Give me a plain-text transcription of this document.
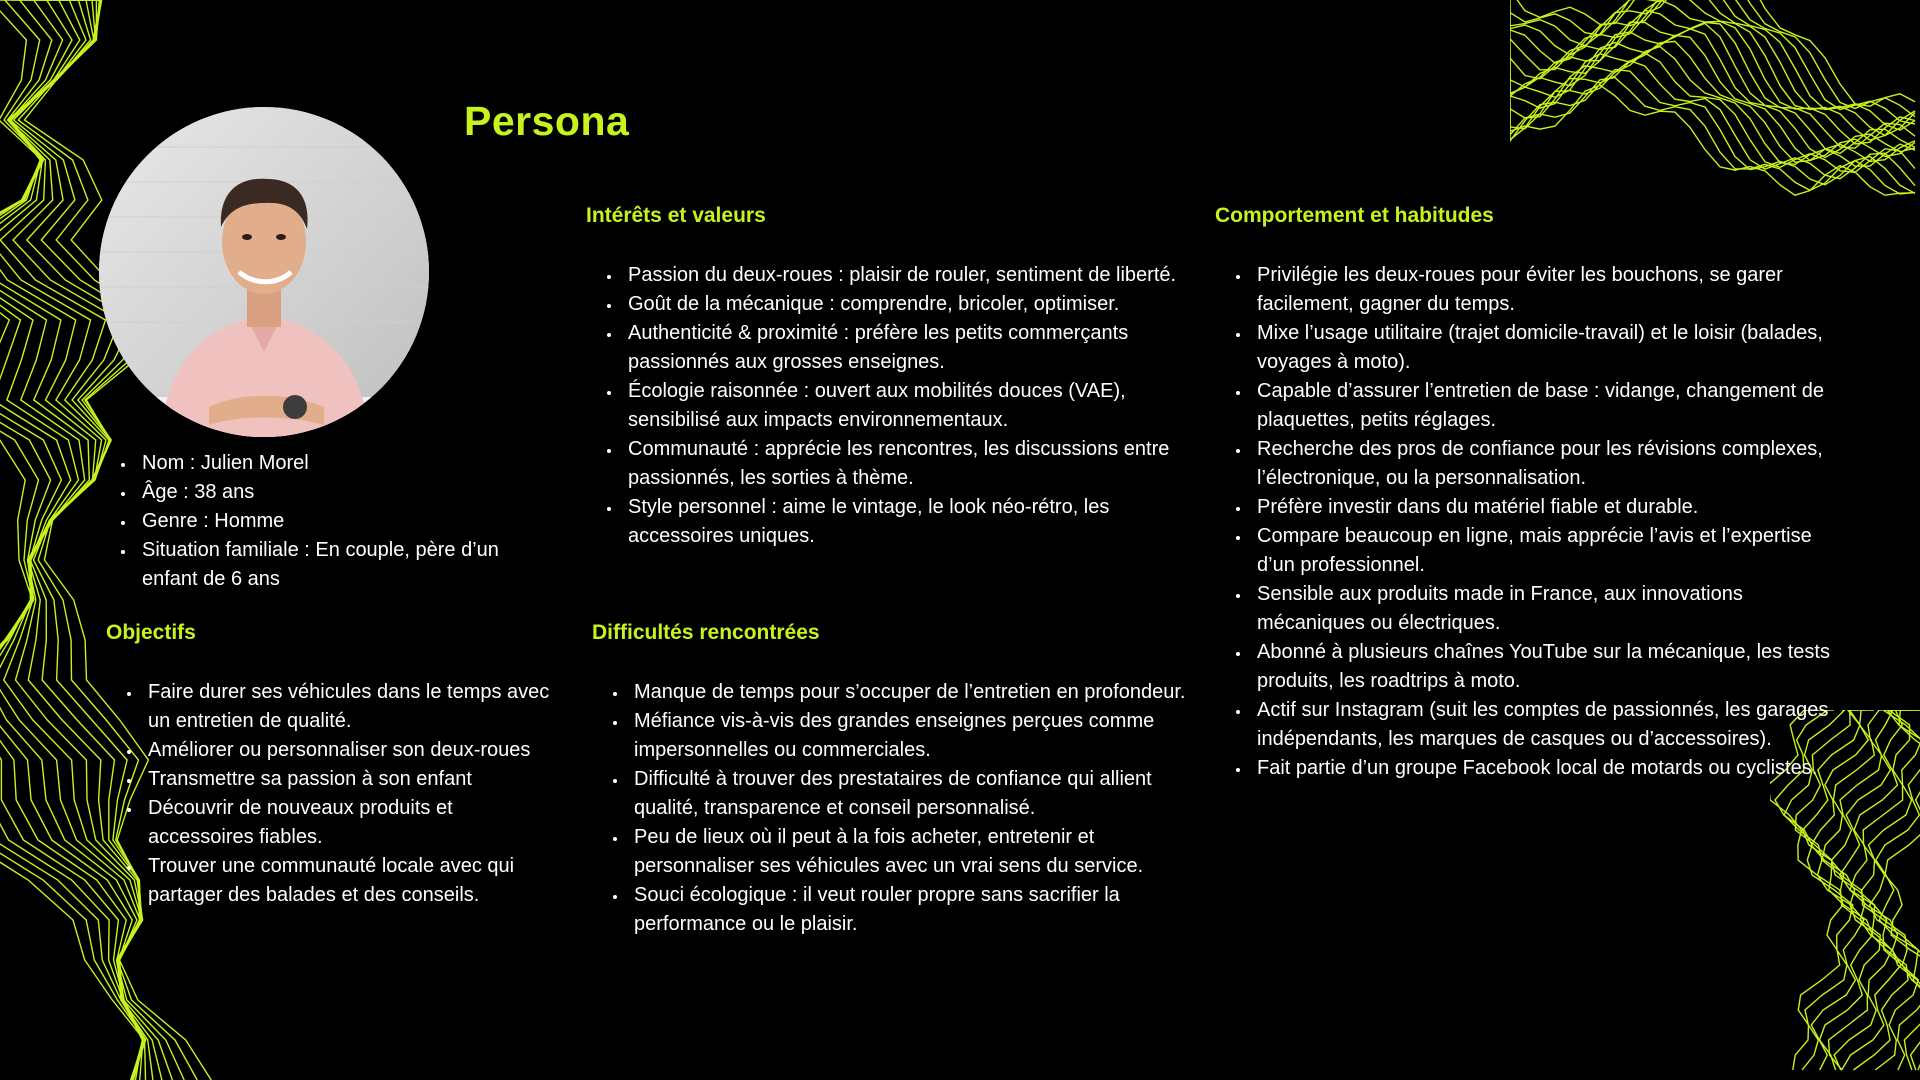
Persona
• Nom : Julien Morel
• Âge : 38 ans
• Genre : Homme
• Situation familiale : En couple, père d’un enfant de 6 ans
Objectifs
• Faire durer ses véhicules dans le temps avec un entretien de qualité.
• Améliorer ou personnaliser son deux-roues
• Transmettre sa passion à son enfant
• Découvrir de nouveaux produits et accessoires fiables.
• Trouver une communauté locale avec qui partager des balades et des conseils.
Intérêts et valeurs
• Passion du deux-roues : plaisir de rouler, sentiment de liberté.
• Goût de la mécanique : comprendre, bricoler, optimiser.
• Authenticité & proximité : préfère les petits commerçants passionnés aux grosses enseignes.
• Écologie raisonnée : ouvert aux mobilités douces (VAE), sensibilisé aux impacts environnementaux.
• Communauté : apprécie les rencontres, les discussions entre passionnés, les sorties à thème.
• Style personnel : aime le vintage, le look néo-rétro, les accessoires uniques.
Difficultés rencontrées
• Manque de temps pour s’occuper de l’entretien en profondeur.
• Méfiance vis-à-vis des grandes enseignes perçues comme impersonnelles ou commerciales.
• Difficulté à trouver des prestataires de confiance qui allient qualité, transparence et conseil personnalisé.
• Peu de lieux où il peut à la fois acheter, entretenir et personnaliser ses véhicules avec un vrai sens du service.
• Souci écologique : il veut rouler propre sans sacrifier la performance ou le plaisir.
Comportement et habitudes
• Privilégie les deux-roues pour éviter les bouchons, se garer facilement, gagner du temps.
• Mixe l’usage utilitaire (trajet domicile-travail) et le loisir (balades, voyages à moto).
• Capable d’assurer l’entretien de base : vidange, changement de plaquettes, petits réglages.
• Recherche des pros de confiance pour les révisions complexes, l’électronique, ou la personnalisation.
• Préfère investir dans du matériel fiable et durable.
• Compare beaucoup en ligne, mais apprécie l’avis et l’expertise d’un professionnel.
• Sensible aux produits made in France, aux innovations mécaniques ou électriques.
• Abonné à plusieurs chaînes YouTube sur la mécanique, les tests produits, les roadtrips à moto.
• Actif sur Instagram (suit les comptes de passionnés, les garages indépendants, les marques de casques ou d’accessoires).
• Fait partie d’un groupe Facebook local de motards ou cyclistes.
